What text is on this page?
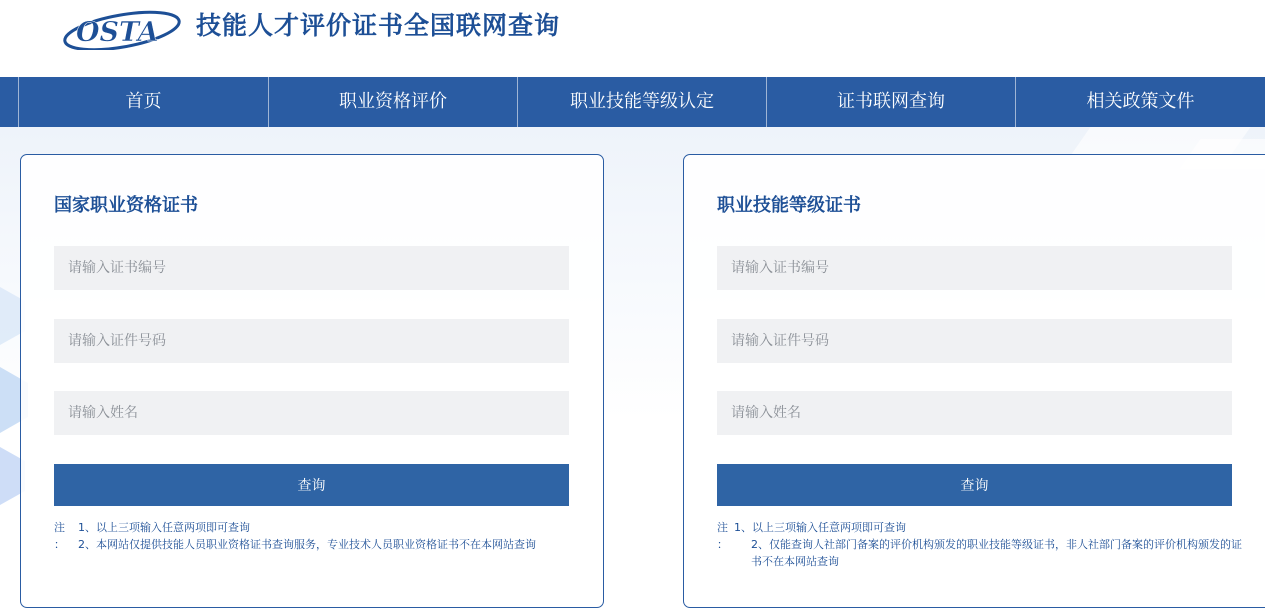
OSTA 技能人才评价证书全国联网查询
首页	职业资格评价	职业技能等级认定	证书联网查询	相关政策文件
国家职业资格证书
请输入证书编号
请输入证件号码
请输入姓名
查询
注
：
1、以上三项输入任意两项即可查询
2、本网站仅提供技能人员职业资格证书查询服务，专业技术人员职业资格证书不在本网站查询
职业技能等级证书
请输入证书编号
请输入证件号码
请输入姓名
查询
注
：
1、以上三项输入任意两项即可查询
2、仅能查询人社部门备案的评价机构颁发的职业技能等级证书，非人社部门备案的评价机构颁发的证书不在本网站查询
